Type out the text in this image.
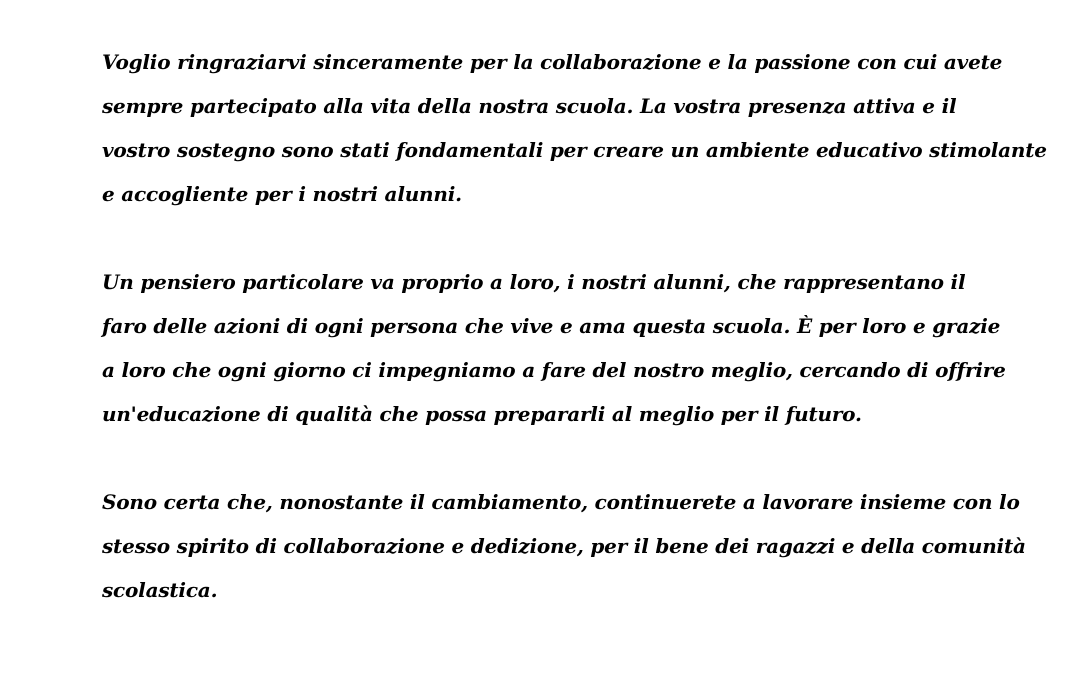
Voglio ringraziarvi sinceramente per la collaborazione e la passione con cui avete
sempre partecipato alla vita della nostra scuola. La vostra presenza attiva e il
vostro sostegno sono stati fondamentali per creare un ambiente educativo stimolante
e accogliente per i nostri alunni.

Un pensiero particolare va proprio a loro, i nostri alunni, che rappresentano il
faro delle azioni di ogni persona che vive e ama questa scuola. È per loro e grazie
a loro che ogni giorno ci impegniamo a fare del nostro meglio, cercando di offrire
un'educazione di qualità che possa prepararli al meglio per il futuro.

Sono certa che, nonostante il cambiamento, continuerete a lavorare insieme con lo
stesso spirito di collaborazione e dedizione, per il bene dei ragazzi e della comunità
scolastica.
